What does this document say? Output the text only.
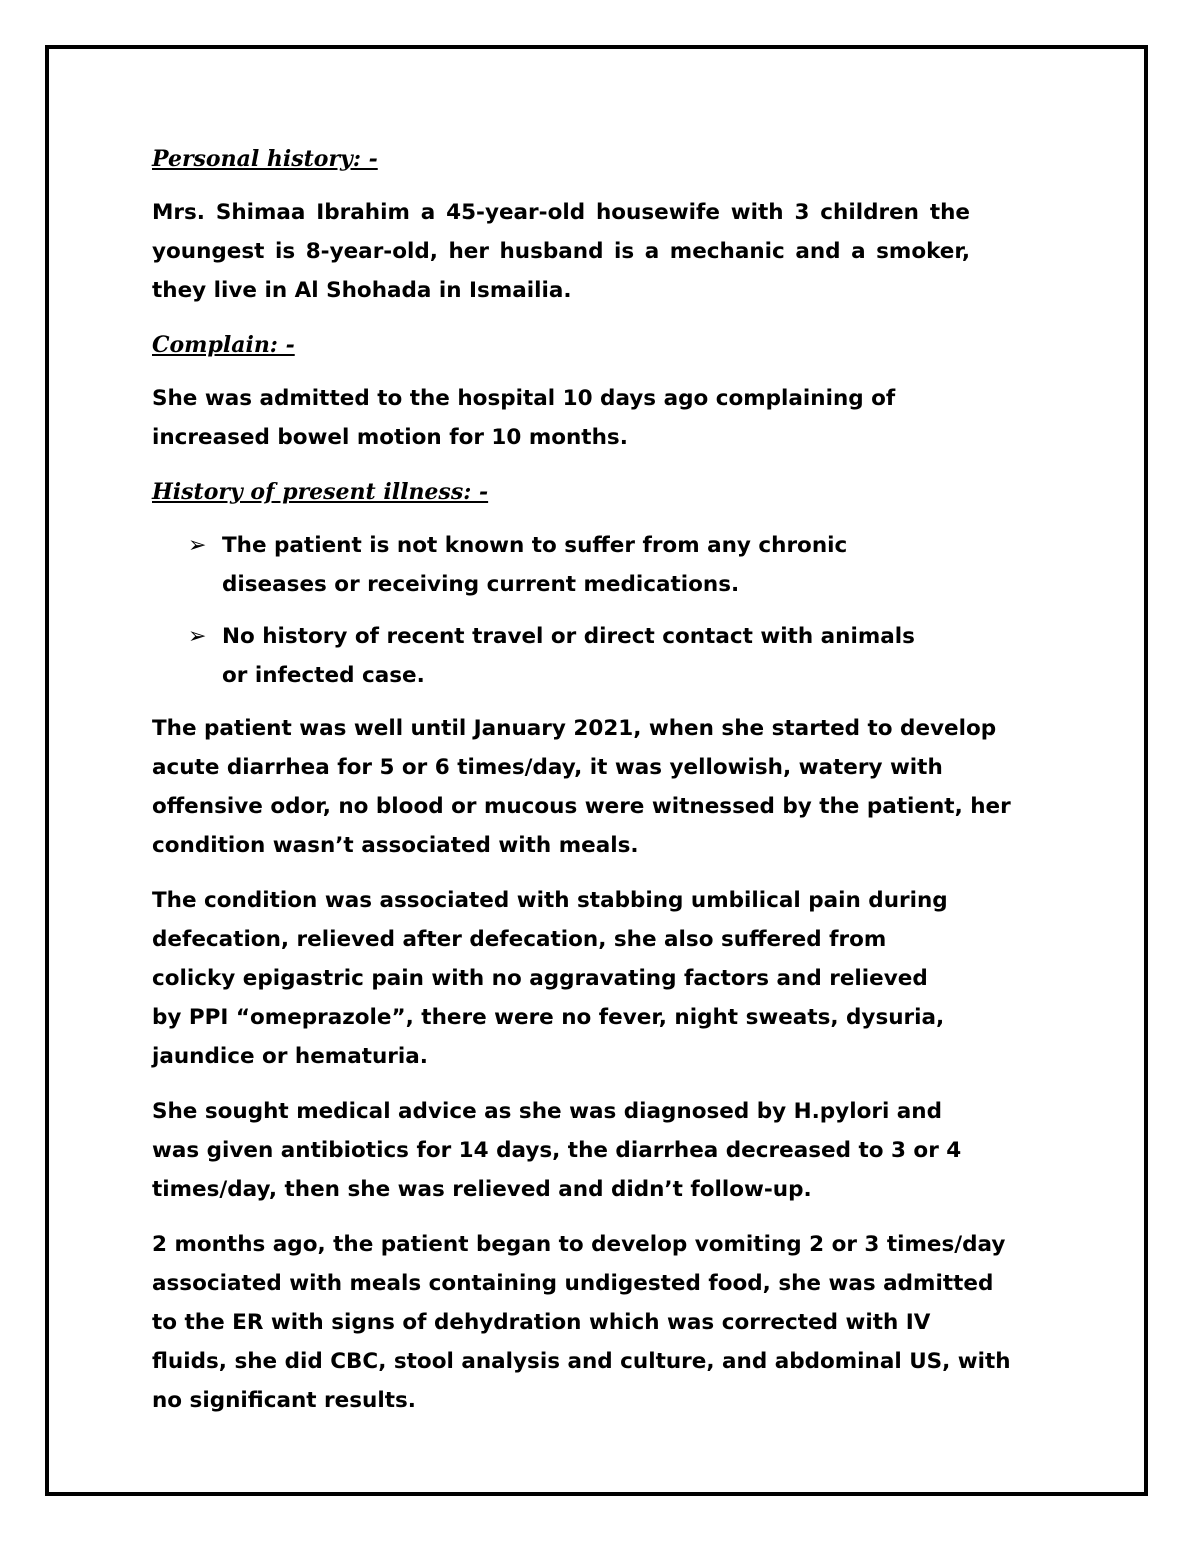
Personal history: -

Mrs. Shimaa Ibrahim a 45-year-old housewife with 3 children the youngest is 8-year-old, her husband is a mechanic and a smoker, they live in Al Shohada in Ismailia.

Complain: -

She was admitted to the hospital 10 days ago complaining of increased bowel motion for 10 months.

History of present illness: -
➢ The patient is not known to suffer from any chronic diseases or receiving current medications.
➢ No history of recent travel or direct contact with animals or infected case.

The patient was well until January 2021, when she started to develop acute diarrhea for 5 or 6 times/day, it was yellowish, watery with offensive odor, no blood or mucous were witnessed by the patient, her condition wasn’t associated with meals.

The condition was associated with stabbing umbilical pain during defecation, relieved after defecation, she also suffered from colicky epigastric pain with no aggravating factors and relieved by PPI “omeprazole”, there were no fever, night sweats, dysuria, jaundice or hematuria.

She sought medical advice as she was diagnosed by H.pylori and was given antibiotics for 14 days, the diarrhea decreased to 3 or 4 times/day, then she was relieved and didn’t follow-up.

2 months ago, the patient began to develop vomiting 2 or 3 times/day associated with meals containing undigested food, she was admitted to the ER with signs of dehydration which was corrected with IV fluids, she did CBC, stool analysis and culture, and abdominal US, with no significant results.
